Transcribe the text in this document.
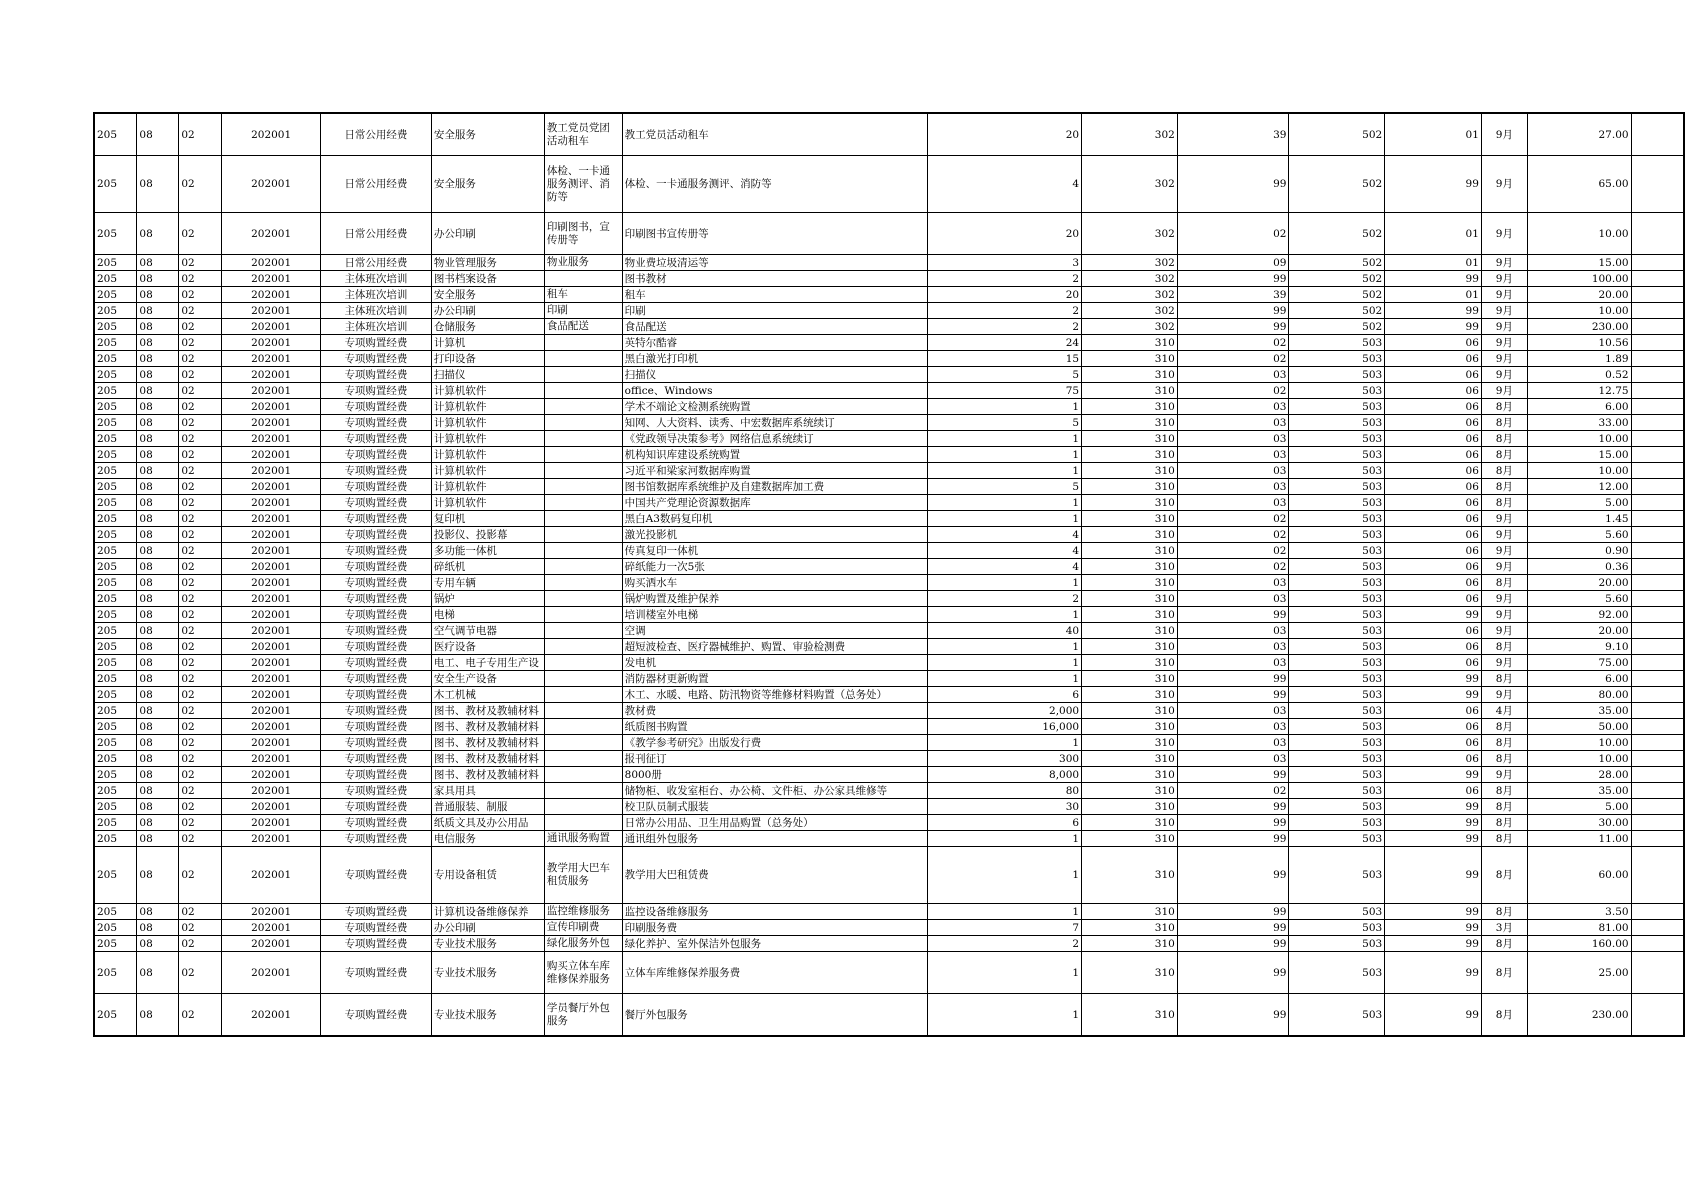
205	08	02	202001	日常公用经费	安全服务	教工党员党团活动租车	教工党员活动租车	20	302	39	502	01	9月	27.00	
205	08	02	202001	日常公用经费	安全服务	体检、一卡通服务测评、消防等	体检、一卡通服务测评、消防等	4	302	99	502	99	9月	65.00	
205	08	02	202001	日常公用经费	办公印刷	印刷图书，宣传册等	印刷图书宣传册等	20	302	02	502	01	9月	10.00	
205	08	02	202001	日常公用经费	物业管理服务	物业服务	物业费垃圾清运等	3	302	09	502	01	9月	15.00	
205	08	02	202001	主体班次培训	图书档案设备		图书教材	2	302	99	502	99	9月	100.00	
205	08	02	202001	主体班次培训	安全服务	租车	租车	20	302	39	502	01	9月	20.00	
205	08	02	202001	主体班次培训	办公印刷	印刷	印刷	2	302	99	502	99	9月	10.00	
205	08	02	202001	主体班次培训	仓储服务	食品配送	食品配送	2	302	99	502	99	9月	230.00	
205	08	02	202001	专项购置经费	计算机		英特尔酷睿	24	310	02	503	06	9月	10.56	
205	08	02	202001	专项购置经费	打印设备		黑白激光打印机	15	310	02	503	06	9月	1.89	
205	08	02	202001	专项购置经费	扫描仪		扫描仪	5	310	03	503	06	9月	0.52	
205	08	02	202001	专项购置经费	计算机软件		office、Windows	75	310	02	503	06	9月	12.75	
205	08	02	202001	专项购置经费	计算机软件		学术不端论文检测系统购置	1	310	03	503	06	8月	6.00	
205	08	02	202001	专项购置经费	计算机软件		知网、人大资料、读秀、中宏数据库系统续订	5	310	03	503	06	8月	33.00	
205	08	02	202001	专项购置经费	计算机软件		《党政领导决策参考》网络信息系统续订	1	310	03	503	06	8月	10.00	
205	08	02	202001	专项购置经费	计算机软件		机构知识库建设系统购置	1	310	03	503	06	8月	15.00	
205	08	02	202001	专项购置经费	计算机软件		习近平和梁家河数据库购置	1	310	03	503	06	8月	10.00	
205	08	02	202001	专项购置经费	计算机软件		图书馆数据库系统维护及自建数据库加工费	5	310	03	503	06	8月	12.00	
205	08	02	202001	专项购置经费	计算机软件		中国共产党理论资源数据库	1	310	03	503	06	8月	5.00	
205	08	02	202001	专项购置经费	复印机		黑白A3数码复印机	1	310	02	503	06	9月	1.45	
205	08	02	202001	专项购置经费	投影仪、投影幕		激光投影机	4	310	02	503	06	9月	5.60	
205	08	02	202001	专项购置经费	多功能一体机		传真复印一体机	4	310	02	503	06	9月	0.90	
205	08	02	202001	专项购置经费	碎纸机		碎纸能力一次5张	4	310	02	503	06	9月	0.36	
205	08	02	202001	专项购置经费	专用车辆		购买洒水车	1	310	03	503	06	8月	20.00	
205	08	02	202001	专项购置经费	锅炉		锅炉购置及维护保养	2	310	03	503	06	9月	5.60	
205	08	02	202001	专项购置经费	电梯		培训楼室外电梯	1	310	99	503	99	9月	92.00	
205	08	02	202001	专项购置经费	空气调节电器		空调	40	310	03	503	06	9月	20.00	
205	08	02	202001	专项购置经费	医疗设备		超短波检查、医疗器械维护、购置、审验检测费	1	310	03	503	06	8月	9.10	
205	08	02	202001	专项购置经费	电工、电子专用生产设		发电机	1	310	03	503	06	9月	75.00	
205	08	02	202001	专项购置经费	安全生产设备		消防器材更新购置	1	310	99	503	99	8月	6.00	
205	08	02	202001	专项购置经费	木工机械		木工、水暖、电路、防汛物资等维修材料购置（总务处）	6	310	99	503	99	9月	80.00	
205	08	02	202001	专项购置经费	图书、教材及教辅材料		教材费	2,000	310	03	503	06	4月	35.00	
205	08	02	202001	专项购置经费	图书、教材及教辅材料		纸质图书购置	16,000	310	03	503	06	8月	50.00	
205	08	02	202001	专项购置经费	图书、教材及教辅材料		《教学参考研究》出版发行费	1	310	03	503	06	8月	10.00	
205	08	02	202001	专项购置经费	图书、教材及教辅材料		报刊征订	300	310	03	503	06	8月	10.00	
205	08	02	202001	专项购置经费	图书、教材及教辅材料		8000册	8,000	310	99	503	99	9月	28.00	
205	08	02	202001	专项购置经费	家具用具		储物柜、收发室柜台、办公椅、文件柜、办公家具维修等	80	310	02	503	06	8月	35.00	
205	08	02	202001	专项购置经费	普通服装、制服		校卫队员制式服装	30	310	99	503	99	8月	5.00	
205	08	02	202001	专项购置经费	纸质文具及办公用品		日常办公用品、卫生用品购置（总务处）	6	310	99	503	99	8月	30.00	
205	08	02	202001	专项购置经费	电信服务	通讯服务购置	通讯组外包服务	1	310	99	503	99	8月	11.00	
205	08	02	202001	专项购置经费	专用设备租赁	教学用大巴车租赁服务	教学用大巴租赁费	1	310	99	503	99	8月	60.00	
205	08	02	202001	专项购置经费	计算机设备维修保养	监控维修服务	监控设备维修服务	1	310	99	503	99	8月	3.50	
205	08	02	202001	专项购置经费	办公印刷	宣传印刷费	印刷服务费	7	310	99	503	99	3月	81.00	
205	08	02	202001	专项购置经费	专业技术服务	绿化服务外包	绿化养护、室外保洁外包服务	2	310	99	503	99	8月	160.00	
205	08	02	202001	专项购置经费	专业技术服务	购买立体车库维修保养服务	立体车库维修保养服务费	1	310	99	503	99	8月	25.00	
205	08	02	202001	专项购置经费	专业技术服务	学员餐厅外包服务	餐厅外包服务	1	310	99	503	99	8月	230.00	
